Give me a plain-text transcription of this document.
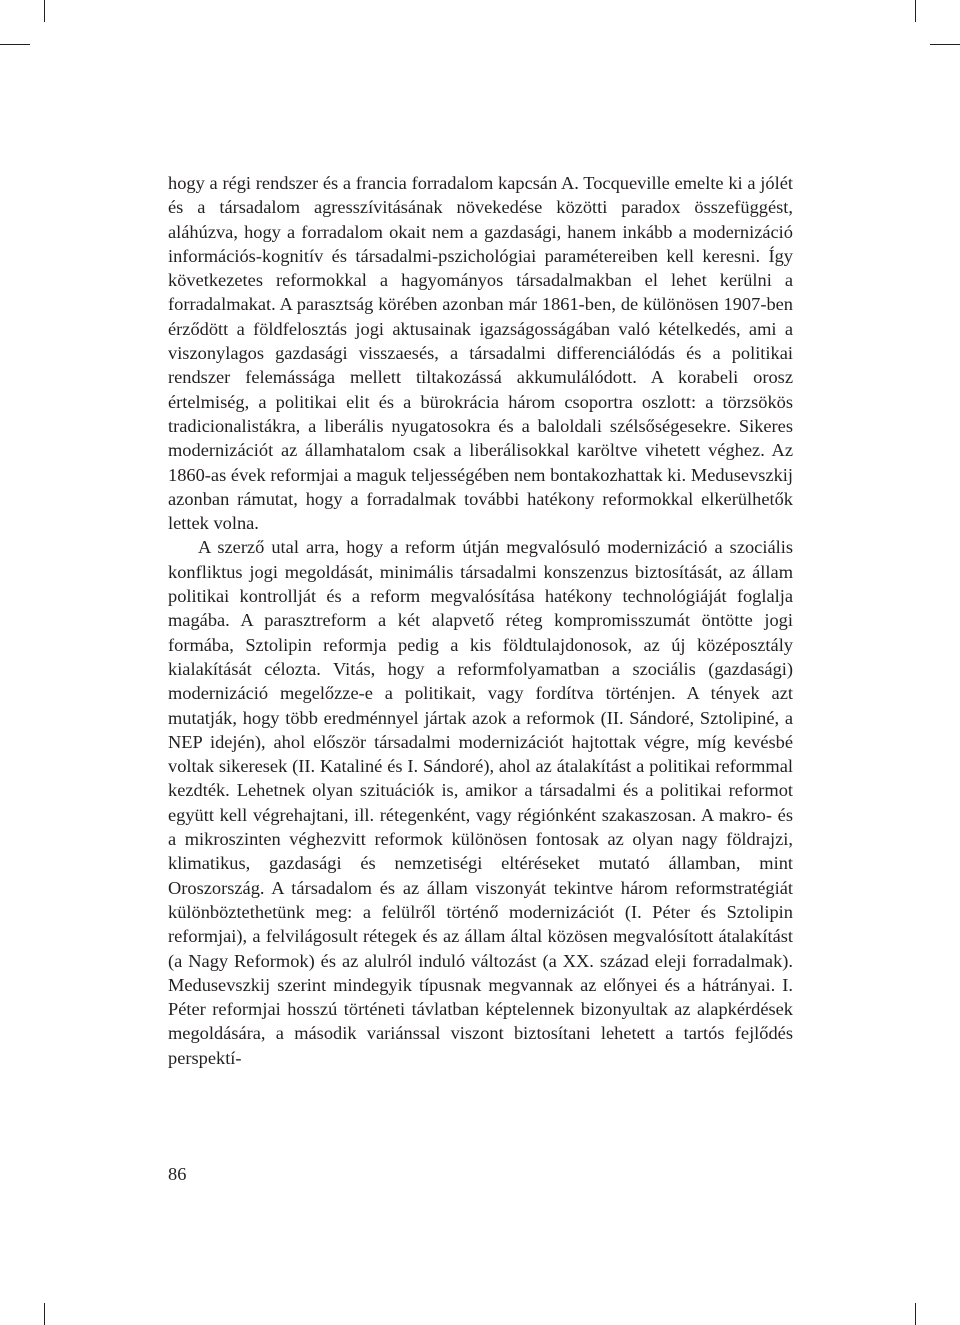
hogy a régi rendszer és a francia forradalom kapcsán A. Tocqueville emelte ki a jólét és a társadalom agresszívitásának növekedése közötti paradox összefüggést, aláhúzva, hogy a forradalom okait nem a gazdasági, hanem inkább a modernizáció információs-kognitív és társadalmi-pszichológiai paramétereiben kell keresni. Így következetes reformokkal a hagyományos társadalmakban el lehet kerülni a forradalmakat. A parasztság körében azonban már 1861-ben, de különösen 1907-ben érződött a földfelosztás jogi aktusainak igazságosságában való kételkedés, ami a viszonylagos gazdasági visszaesés, a társadalmi differenciálódás és a politikai rendszer felemássága mellett tiltakozássá akkumulálódott. A korabeli orosz értelmiség, a politikai elit és a bürokrácia három csoportra oszlott: a törzsökös tradicionalistákra, a liberális nyugatosokra és a baloldali szélsőségesekre. Sikeres modernizációt az államhatalom csak a liberálisokkal karöltve vihetett véghez. Az 1860-as évek reformjai a maguk teljességében nem bontakozhattak ki. Medusevszkij azonban rámutat, hogy a forradalmak további hatékony reformokkal elkerülhetők lettek volna.

A szerző utal arra, hogy a reform útján megvalósuló modernizáció a szociális konfliktus jogi megoldását, minimális társadalmi konszenzus biztosítását, az állam politikai kontrollját és a reform megvalósítása hatékony technológiáját foglalja magába. A parasztreform a két alapvető réteg kompromisszumát öntötte jogi formába, Sztolipin reformja pedig a kis földtulajdonosok, az új középosztály kialakítását célozta. Vitás, hogy a reformfolyamatban a szociális (gazdasági) modernizáció megelőzze-e a politikait, vagy fordítva történjen. A tények azt mutatják, hogy több eredménnyel jártak azok a reformok (II. Sándoré, Sztolipiné, a NEP idején), ahol először társadalmi modernizációt hajtottak végre, míg kevésbé voltak sikeresek (II. Kataliné és I. Sándoré), ahol az átalakítást a politikai reformmal kezdték. Lehetnek olyan szituációk is, amikor a társadalmi és a politikai reformot együtt kell végrehajtani, ill. rétegenként, vagy régiónként szakaszosan. A makro- és a mikroszinten véghezvitt reformok különösen fontosak az olyan nagy földrajzi, klimatikus, gazdasági és nemzetiségi eltéréseket mutató államban, mint Oroszország. A társadalom és az állam viszonyát tekintve három reformstratégiát különböztethetünk meg: a felülről történő modernizációt (I. Péter és Sztolipin reformjai), a felvilágosult rétegek és az állam által közösen megvalósított átalakítást (a Nagy Reformok) és az alulról induló változást (a XX. század eleji forradalmak). Medusevszkij szerint mindegyik típusnak megvannak az előnyei és a hátrányai. I. Péter reformjai hosszú történeti távlatban képtelennek bizonyultak az alapkérdések megoldására, a második variánssal viszont biztosítani lehetett a tartós fejlődés perspektí-

86
